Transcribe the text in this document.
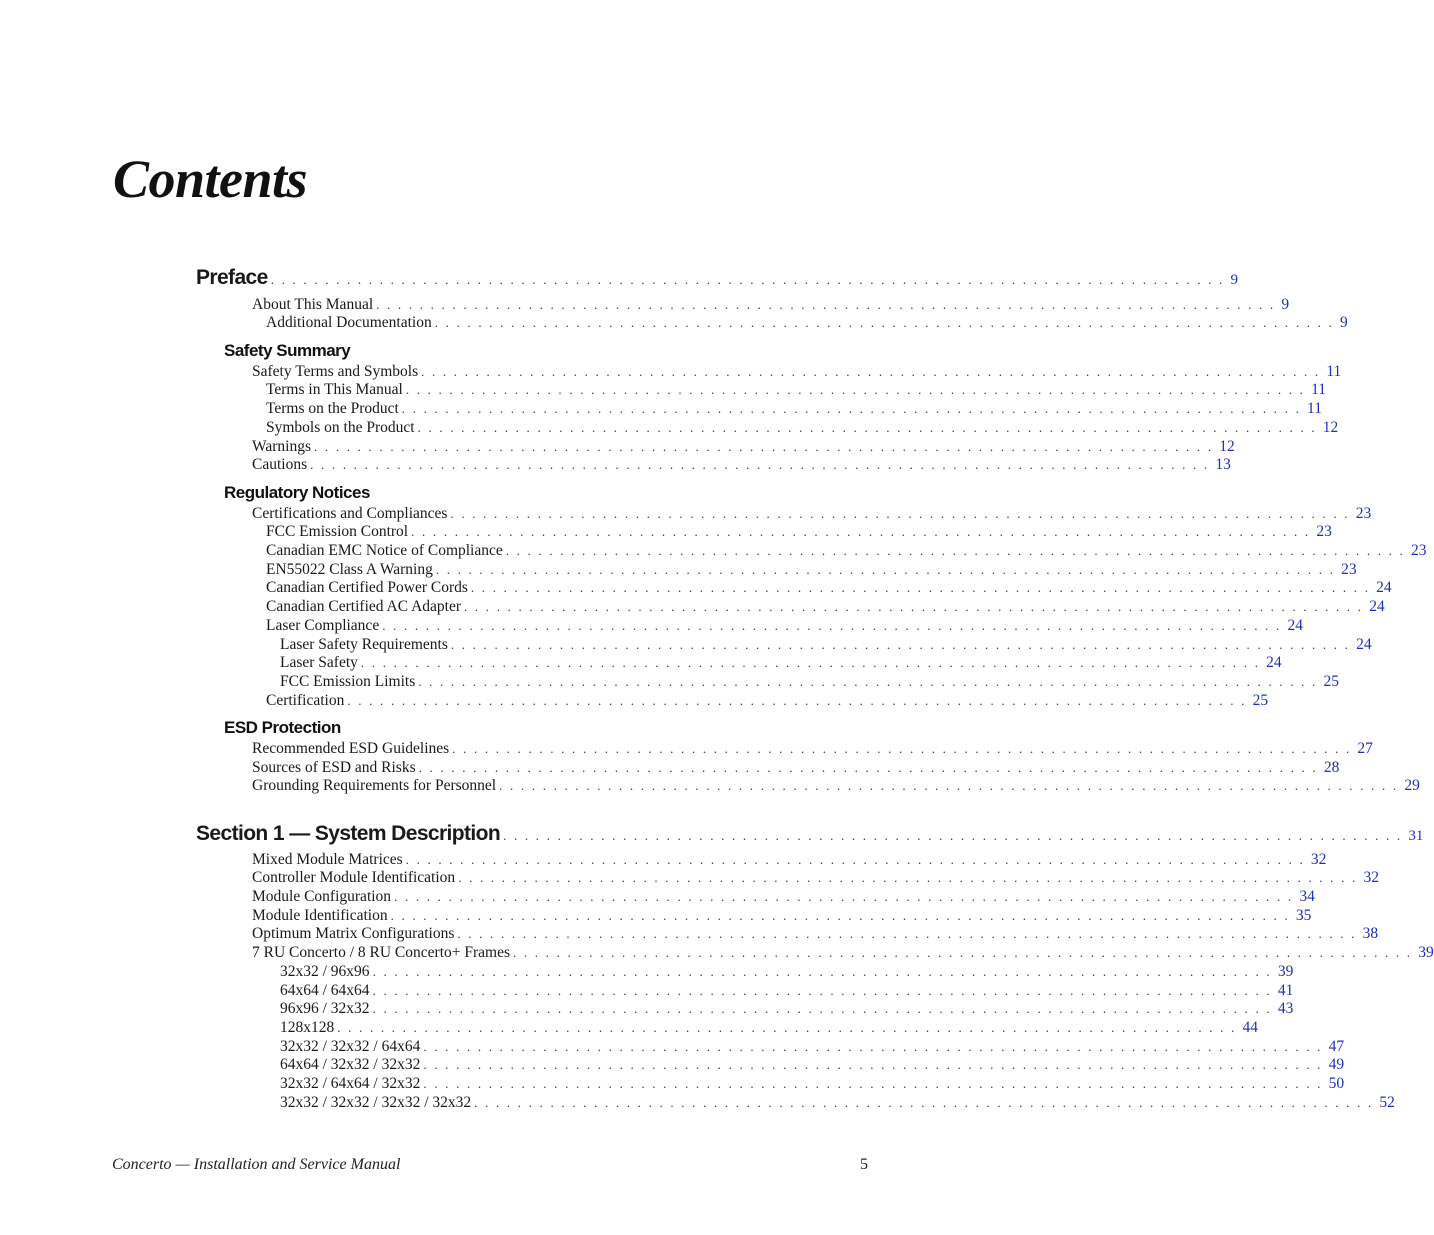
Contents
Preface . . . . . . . . . . . . . . . . . . . . . . . . . . . . . . . . . . . . . . . . . . . . . . . . . . . . . . . . . . . . . . . . . . . . . . . . . . . . . . . . . . . . . . . . 9
About This Manual . . . . . . . . . . . . . . . . . . . . . . . . . . . . . . . . . . . . . . . . . . . . . . . . . . . . . . . . . . . . . . . . . . . . . . . . . . . . . . . . . . . 9
Additional Documentation . . . . . . . . . . . . . . . . . . . . . . . . . . . . . . . . . . . . . . . . . . . . . . . . . . . . . . . . . . . . . . . . . . . . . . . . . . . . . . . . . . . 9
Safety Summary
Safety Terms and Symbols . . . . . . . . . . . . . . . . . . . . . . . . . . . . . . . . . . . . . . . . . . . . . . . . . . . . . . . . . . . . . . . . . . . . . . . . . . . . . . . . . . . 11
Terms in This Manual . . . . . . . . . . . . . . . . . . . . . . . . . . . . . . . . . . . . . . . . . . . . . . . . . . . . . . . . . . . . . . . . . . . . . . . . . . . . . . . . . . . 11
Terms on the Product . . . . . . . . . . . . . . . . . . . . . . . . . . . . . . . . . . . . . . . . . . . . . . . . . . . . . . . . . . . . . . . . . . . . . . . . . . . . . . . . . . . 11
Symbols on the Product . . . . . . . . . . . . . . . . . . . . . . . . . . . . . . . . . . . . . . . . . . . . . . . . . . . . . . . . . . . . . . . . . . . . . . . . . . . . . . . . . . . 12
Warnings . . . . . . . . . . . . . . . . . . . . . . . . . . . . . . . . . . . . . . . . . . . . . . . . . . . . . . . . . . . . . . . . . . . . . . . . . . . . . . . . . . . 12
Cautions . . . . . . . . . . . . . . . . . . . . . . . . . . . . . . . . . . . . . . . . . . . . . . . . . . . . . . . . . . . . . . . . . . . . . . . . . . . . . . . . . . . 13
Regulatory Notices
Certifications and Compliances . . . . . . . . . . . . . . . . . . . . . . . . . . . . . . . . . . . . . . . . . . . . . . . . . . . . . . . . . . . . . . . . . . . . . . . . . . . . . . . . . . . 23
FCC Emission Control . . . . . . . . . . . . . . . . . . . . . . . . . . . . . . . . . . . . . . . . . . . . . . . . . . . . . . . . . . . . . . . . . . . . . . . . . . . . . . . . . . . 23
Canadian EMC Notice of Compliance . . . . . . . . . . . . . . . . . . . . . . . . . . . . . . . . . . . . . . . . . . . . . . . . . . . . . . . . . . . . . . . . . . . . . . . . . . . . . . . . . . . 23
EN55022 Class A Warning . . . . . . . . . . . . . . . . . . . . . . . . . . . . . . . . . . . . . . . . . . . . . . . . . . . . . . . . . . . . . . . . . . . . . . . . . . . . . . . . . . . 23
Canadian Certified Power Cords . . . . . . . . . . . . . . . . . . . . . . . . . . . . . . . . . . . . . . . . . . . . . . . . . . . . . . . . . . . . . . . . . . . . . . . . . . . . . . . . . . . 24
Canadian Certified AC Adapter . . . . . . . . . . . . . . . . . . . . . . . . . . . . . . . . . . . . . . . . . . . . . . . . . . . . . . . . . . . . . . . . . . . . . . . . . . . . . . . . . . . 24
Laser Compliance . . . . . . . . . . . . . . . . . . . . . . . . . . . . . . . . . . . . . . . . . . . . . . . . . . . . . . . . . . . . . . . . . . . . . . . . . . . . . . . . . . . 24
Laser Safety Requirements . . . . . . . . . . . . . . . . . . . . . . . . . . . . . . . . . . . . . . . . . . . . . . . . . . . . . . . . . . . . . . . . . . . . . . . . . . . . . . . . . . . 24
Laser Safety . . . . . . . . . . . . . . . . . . . . . . . . . . . . . . . . . . . . . . . . . . . . . . . . . . . . . . . . . . . . . . . . . . . . . . . . . . . . . . . . . . . 24
FCC Emission Limits . . . . . . . . . . . . . . . . . . . . . . . . . . . . . . . . . . . . . . . . . . . . . . . . . . . . . . . . . . . . . . . . . . . . . . . . . . . . . . . . . . . 25
Certification . . . . . . . . . . . . . . . . . . . . . . . . . . . . . . . . . . . . . . . . . . . . . . . . . . . . . . . . . . . . . . . . . . . . . . . . . . . . . . . . . . . 25
ESD Protection
Recommended ESD Guidelines . . . . . . . . . . . . . . . . . . . . . . . . . . . . . . . . . . . . . . . . . . . . . . . . . . . . . . . . . . . . . . . . . . . . . . . . . . . . . . . . . . . 27
Sources of ESD and Risks . . . . . . . . . . . . . . . . . . . . . . . . . . . . . . . . . . . . . . . . . . . . . . . . . . . . . . . . . . . . . . . . . . . . . . . . . . . . . . . . . . . 28
Grounding Requirements for Personnel . . . . . . . . . . . . . . . . . . . . . . . . . . . . . . . . . . . . . . . . . . . . . . . . . . . . . . . . . . . . . . . . . . . . . . . . . . . . . . . . . . . 29
Section 1 — System Description . . . . . . . . . . . . . . . . . . . . . . . . . . . . . . . . . . . . . . . . . . . . . . . . . . . . . . . . . . . . . . . . . . . . . . . . . . . . . . . . . . . 31
Mixed Module Matrices . . . . . . . . . . . . . . . . . . . . . . . . . . . . . . . . . . . . . . . . . . . . . . . . . . . . . . . . . . . . . . . . . . . . . . . . . . . . . . . . . . . 32
Controller Module Identification . . . . . . . . . . . . . . . . . . . . . . . . . . . . . . . . . . . . . . . . . . . . . . . . . . . . . . . . . . . . . . . . . . . . . . . . . . . . . . . . . . . 32
Module Configuration . . . . . . . . . . . . . . . . . . . . . . . . . . . . . . . . . . . . . . . . . . . . . . . . . . . . . . . . . . . . . . . . . . . . . . . . . . . . . . . . . . . 34
Module Identification . . . . . . . . . . . . . . . . . . . . . . . . . . . . . . . . . . . . . . . . . . . . . . . . . . . . . . . . . . . . . . . . . . . . . . . . . . . . . . . . . . . 35
Optimum Matrix Configurations . . . . . . . . . . . . . . . . . . . . . . . . . . . . . . . . . . . . . . . . . . . . . . . . . . . . . . . . . . . . . . . . . . . . . . . . . . . . . . . . . . . 38
7 RU Concerto / 8 RU Concerto+ Frames . . . . . . . . . . . . . . . . . . . . . . . . . . . . . . . . . . . . . . . . . . . . . . . . . . . . . . . . . . . . . . . . . . . . . . . . . . . . . . . . . . . 39
32x32 / 96x96 . . . . . . . . . . . . . . . . . . . . . . . . . . . . . . . . . . . . . . . . . . . . . . . . . . . . . . . . . . . . . . . . . . . . . . . . . . . . . . . . . . . 39
64x64 / 64x64 . . . . . . . . . . . . . . . . . . . . . . . . . . . . . . . . . . . . . . . . . . . . . . . . . . . . . . . . . . . . . . . . . . . . . . . . . . . . . . . . . . . 41
96x96 / 32x32 . . . . . . . . . . . . . . . . . . . . . . . . . . . . . . . . . . . . . . . . . . . . . . . . . . . . . . . . . . . . . . . . . . . . . . . . . . . . . . . . . . . 43
128x128 . . . . . . . . . . . . . . . . . . . . . . . . . . . . . . . . . . . . . . . . . . . . . . . . . . . . . . . . . . . . . . . . . . . . . . . . . . . . . . . . . . . 44
32x32 / 32x32 / 64x64 . . . . . . . . . . . . . . . . . . . . . . . . . . . . . . . . . . . . . . . . . . . . . . . . . . . . . . . . . . . . . . . . . . . . . . . . . . . . . . . . . . . 47
64x64 / 32x32 / 32x32 . . . . . . . . . . . . . . . . . . . . . . . . . . . . . . . . . . . . . . . . . . . . . . . . . . . . . . . . . . . . . . . . . . . . . . . . . . . . . . . . . . . 49
32x32 / 64x64 / 32x32 . . . . . . . . . . . . . . . . . . . . . . . . . . . . . . . . . . . . . . . . . . . . . . . . . . . . . . . . . . . . . . . . . . . . . . . . . . . . . . . . . . . 50
32x32 / 32x32 / 32x32 / 32x32 . . . . . . . . . . . . . . . . . . . . . . . . . . . . . . . . . . . . . . . . . . . . . . . . . . . . . . . . . . . . . . . . . . . . . . . . . . . . . . . . . . . 52
Concerto — Installation and Service Manual	5
